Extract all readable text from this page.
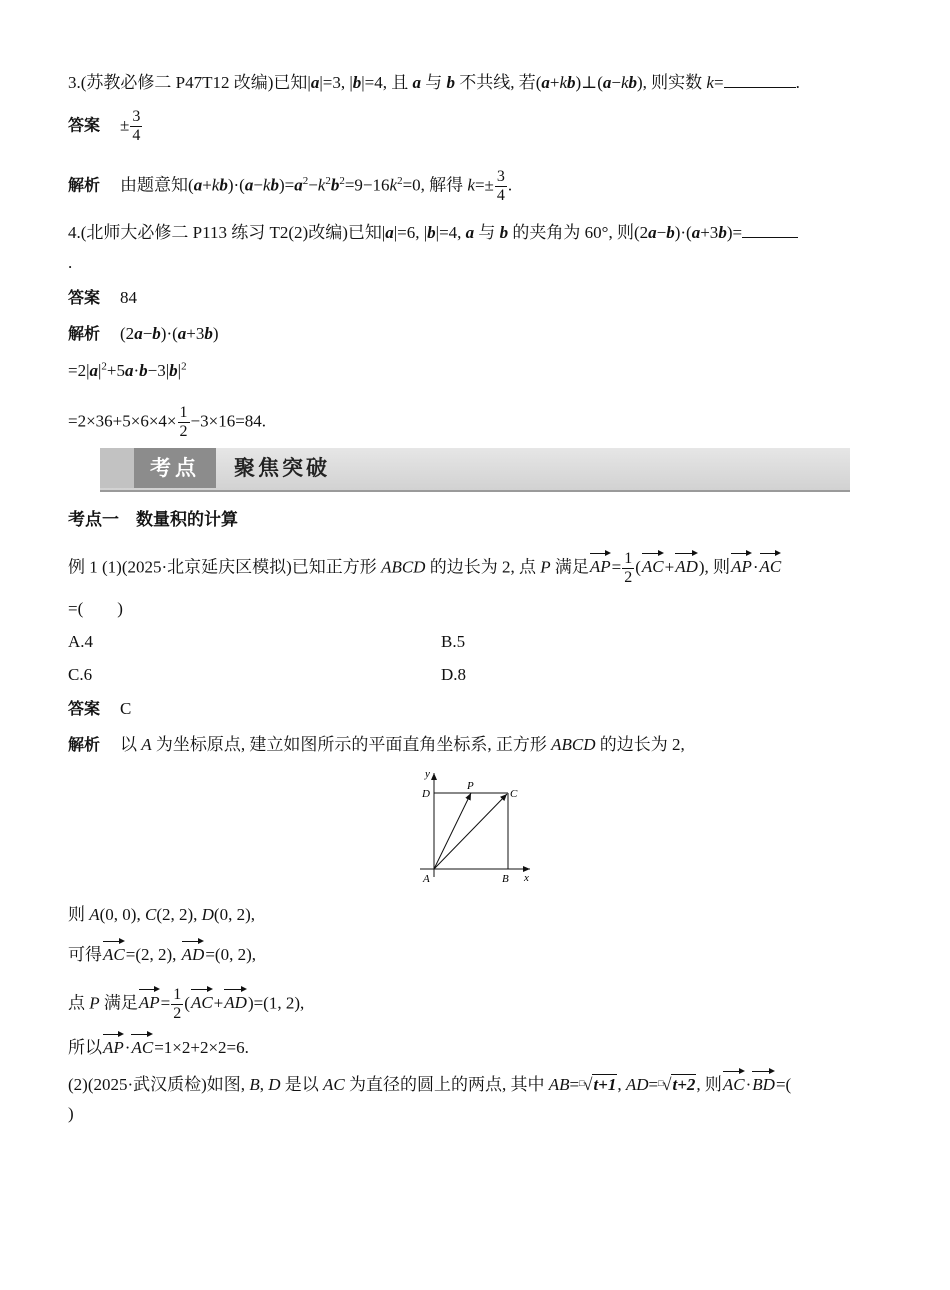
3.(苏教必修二 P47T12 改编)已知|a|=3, |b|=4, 且 a 与 b 不共线, 若(a+kb)⊥(a−kb), 则实数 k=	.
答案 ± $\frac{3}{4}$
解析 由题意知$(a+kb)\cdot(a-kb)=a^2-k^2b^2=9-16k^2=0$, 解得 $k=\pm \frac{3}{4}$ .
4.(北师大必修二 P113 练习 T2(2)改编)已知|a|=6, |b|=4, a 与 b 的夹角为 60°, 则(2a−b)·(a+3b)=
.
答案 84
解析 (2a−b)·(a+3b)
$=2|a|^2+5a\cdot b-3|b|^2$
$=2\times 36+5\times 6\times 4\times \frac{1}{2} -3\times 16=84$.
考点	聚焦突破
考点一　数量积的计算
例 1 (1)(2025·北京延庆区模拟)已知正方形 ABCD 的边长为 2, 点 P 满足$AP= \frac{1}{2} (AC+AD)$, 则AP·AC
=(        )
A.4	B.5
C.6	D.8
答案 C
解析 以 A 为坐标原点, 建立如图所示的平面直角坐标系, 正方形 ABCD 的边长为 2,
y
x
P
C
D
A	B
则 A(0, 0), C(2, 2), D(0, 2),
可得AC=(2, 2), AD=(0, 2),
点 P 满足$AP= \frac{1}{2} (AC+AD)=(1$, 2),
所以AP·AC=1×2+2×2=6.
(2)(2025·武汉质检)如图, B, D 是以 AC 为直径的圆上的两点, 其中 AB= □
√t+1, AD= □
√t+2, 则AC·BD=(
)
